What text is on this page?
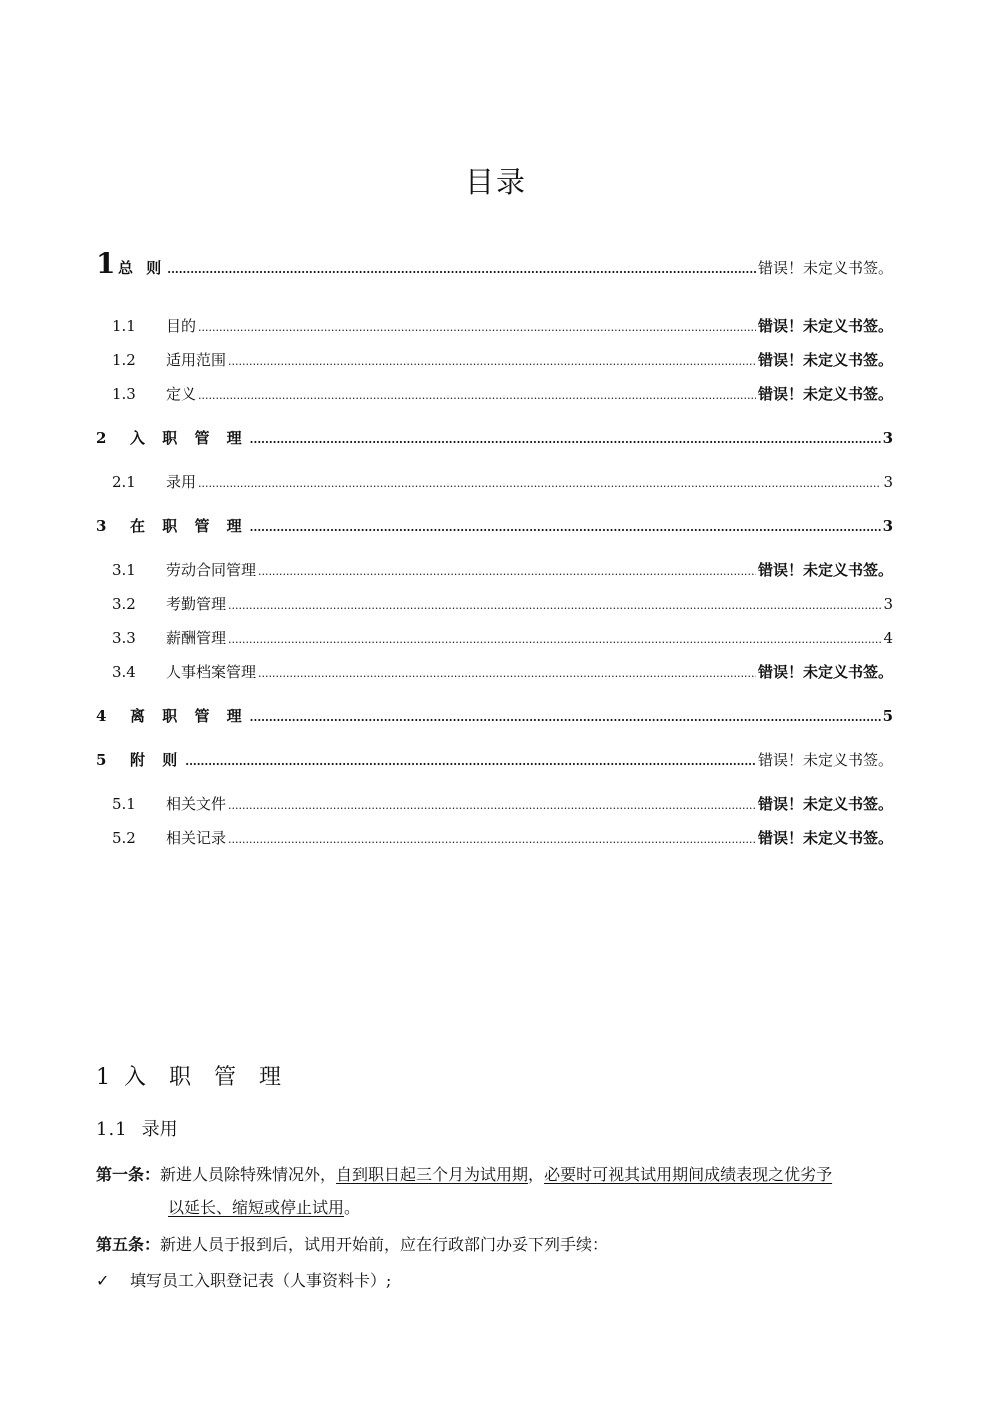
目录
1 总 则 .....	错误！未定义书签。
1.1	目的 .....	错误！未定义书签。
1.2	适用范围 .....	错误！未定义书签。
1.3	定义 .....	错误！未定义书签。
2	入 职 管 理 .....	3
2.1	录用 .....	3
3	在 职 管 理 .....	3
3.1	劳动合同管理 .....	错误！未定义书签。
3.2	考勤管理 .....	3
3.3	薪酬管理 .....	4
3.4	人事档案管理 .....	错误！未定义书签。
4	离 职 管 理 .....	5
5	附 则 .....	错误！未定义书签。
5.1	相关文件 .....	错误！未定义书签。
5.2	相关记录 .....	错误！未定义书签。
1 入 职 管 理
1.1 录用
第一条：新进人员除特殊情况外，自到职日起三个月为试用期，必要时可视其试用期间成绩表现之优劣予
以延长、缩短或停止试用。
第五条：新进人员于报到后，试用开始前，应在行政部门办妥下列手续：
✓ 填写员工入职登记表（人事资料卡）;
